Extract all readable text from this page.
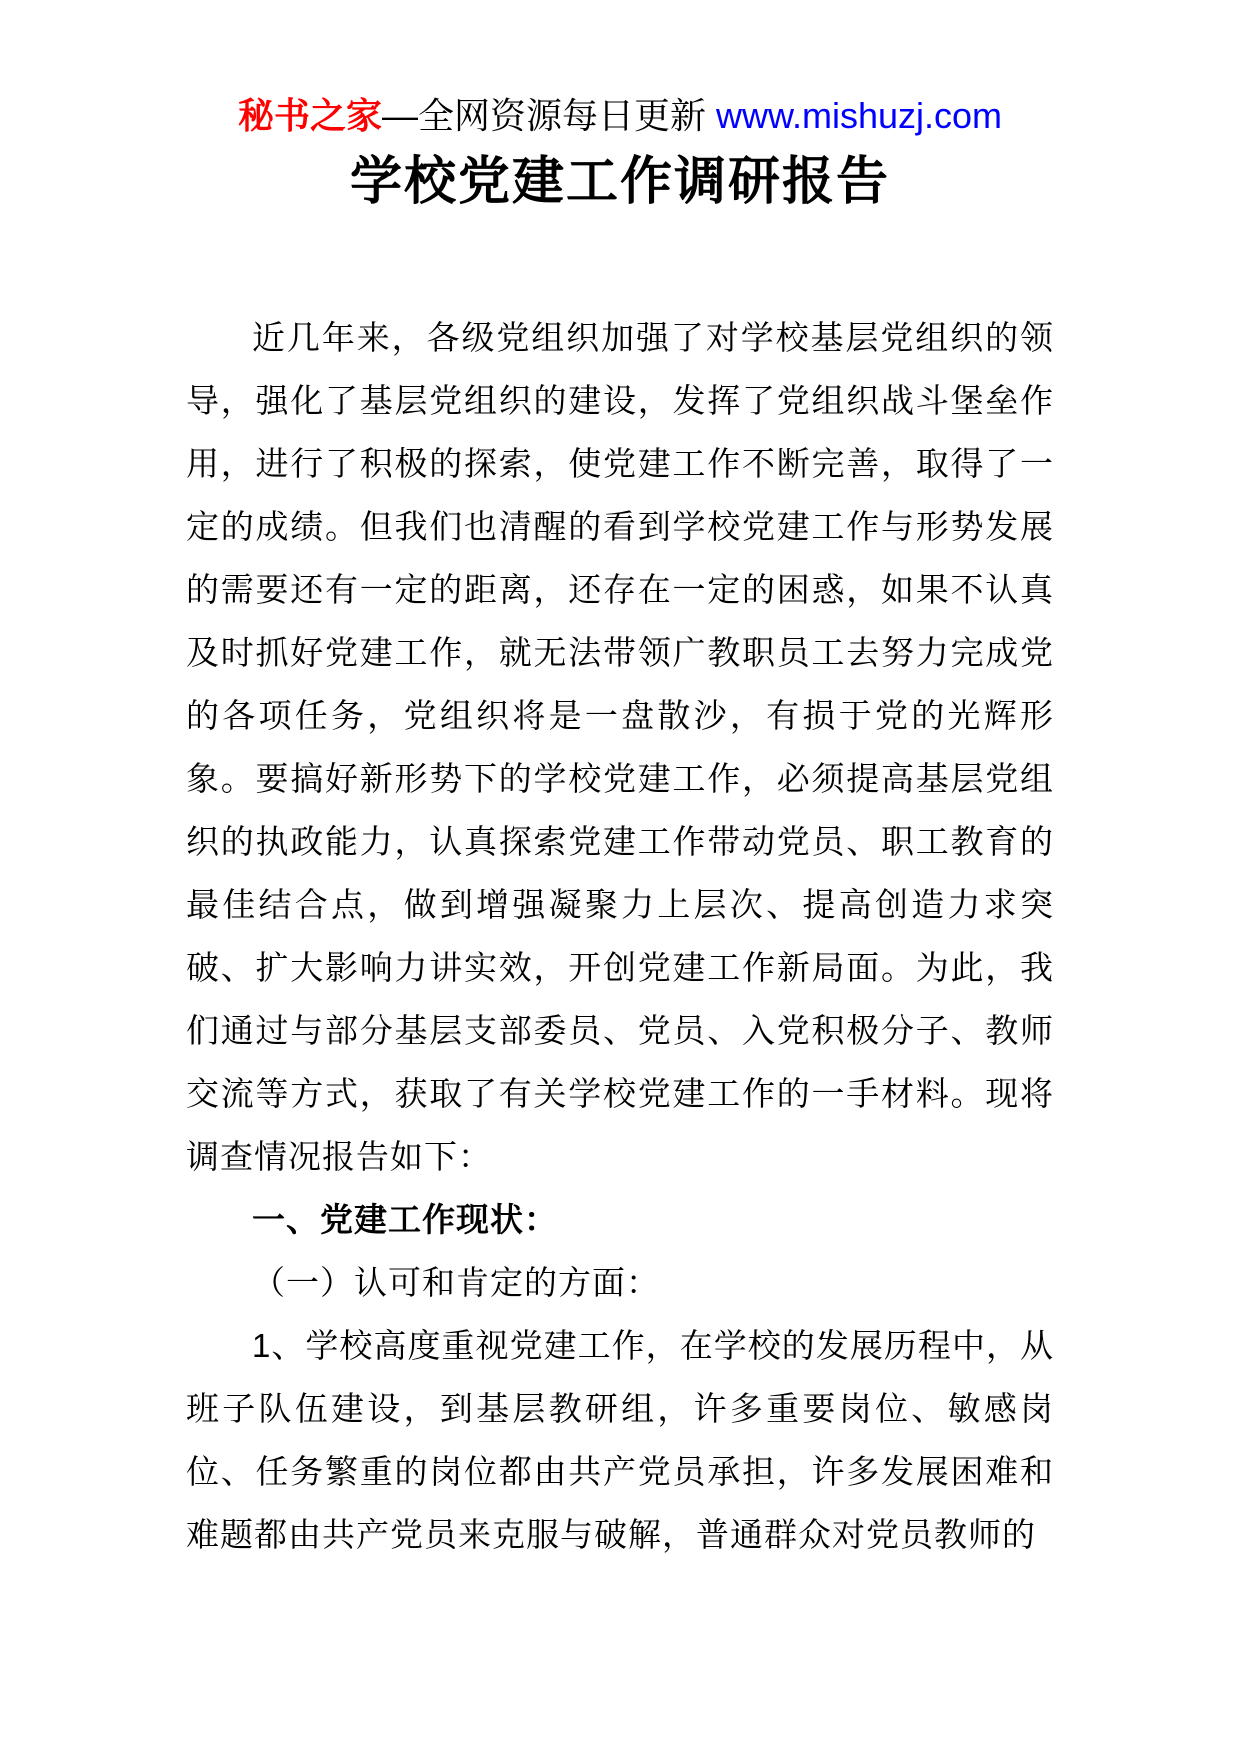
秘书之家—全网资源每日更新 www.mishuzj.com
学校党建工作调研报告

近几年来，各级党组织加强了对学校基层党组织的领导，强化了基层党组织的建设，发挥了党组织战斗堡垒作用，进行了积极的探索，使党建工作不断完善，取得了一定的成绩。但我们也清醒的看到学校党建工作与形势发展的需要还有一定的距离，还存在一定的困惑，如果不认真及时抓好党建工作，就无法带领广教职员工去努力完成党的各项任务，党组织将是一盘散沙，有损于党的光辉形象。要搞好新形势下的学校党建工作，必须提高基层党组织的执政能力，认真探索党建工作带动党员、职工教育的最佳结合点，做到增强凝聚力上层次、提高创造力求突破、扩大影响力讲实效，开创党建工作新局面。为此，我们通过与部分基层支部委员、党员、入党积极分子、教师交流等方式，获取了有关学校党建工作的一手材料。现将调查情况报告如下：

一、党建工作现状：

（一）认可和肯定的方面：

1、学校高度重视党建工作，在学校的发展历程中，从班子队伍建设，到基层教研组，许多重要岗位、敏感岗位、任务繁重的岗位都由共产党员承担，许多发展困难和难题都由共产党员来克服与破解，普通群众对党员教师的
